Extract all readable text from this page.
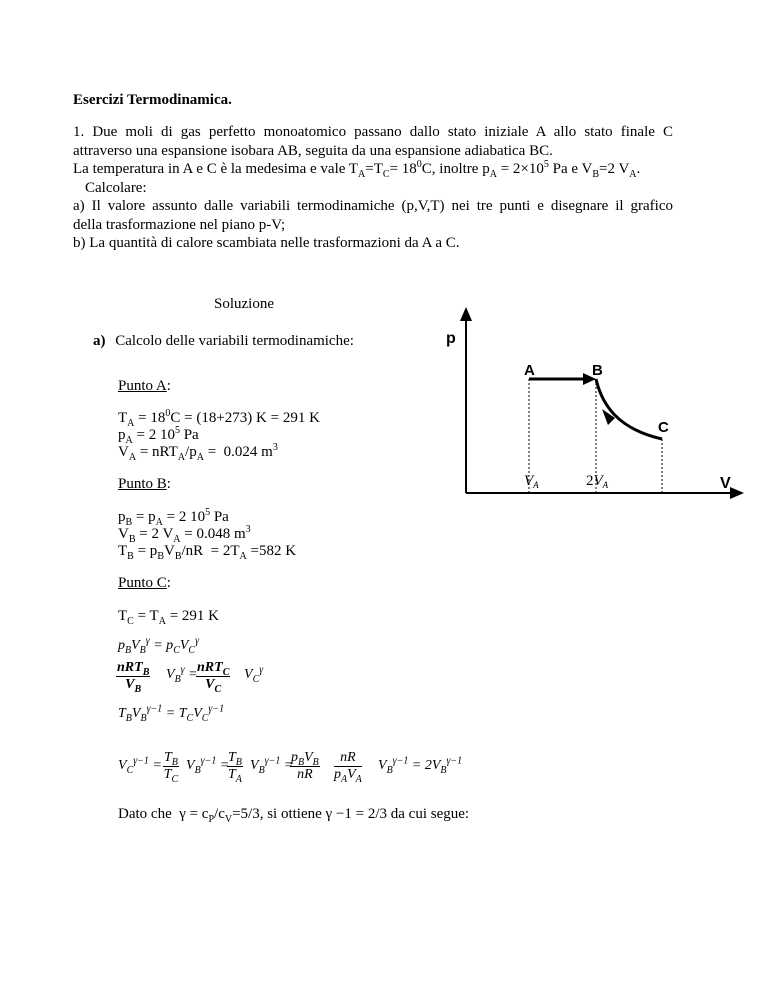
Esercizi Termodinamica.
1. Due moli di gas perfetto monoatomico passano dallo stato iniziale A allo stato finale C
attraverso una espansione isobara AB, seguita da una espansione adiabatica BC.
La temperatura in A e C è la medesima e vale $T_A=T_C= 18^0C$, inoltre $p_A = 2\times 10^5$ Pa e $V_B=2$ $V_A$.
Calcolare:
a) Il valore assunto dalle variabili termodinamiche (p,V,T) nei tre punti e disegnare il grafico
della trasformazione nel piano p-V;
b) La quantità di calore scambiata nelle trasformazioni da A a C.
Soluzione
a) Calcolo delle variabili termodinamiche:
Punto A:
$T_A = 18^0C = (18+273) K = 291$ K
$p_A = 2$ $10^5$ Pa
$V_A = nRT_A/p_A = 0.024$ $m^3$
Punto B:
$p_B = p_A = 2$ $10^5$ Pa
$V_B = 2$ $V_A = 0.048$ $m^3$
$T_B = p_BV_B/nR = 2T_A =582$ K
Punto C:
$T_C = T_A = 291$ K
$p_BV_B^\gamma = p_CV_C^\gamma$
nRT$_B$
$V_B$
$V_B^\gamma = nRT_C$
$V_C$
$V_C^\gamma$
$T_BV_B^{\gamma-1} = T_CV_C^{\gamma-1}$
$V_C^{\gamma-1} = \frac{T_B}{T_C} V_B^{\gamma-1}$ =
$\frac{T_B}{T_A} V_B^{\gamma-1}$ =
$p_BV_B$
nR
nR
$p_AV_A$
$V_B^{\gamma-1} = 2V_B^{\gamma-1}$
Dato che  $\gamma = c_P/c_V=5/3$, si ottiene γ −1 = 2/3 da cui segue:
p
A	B
C
V
$V_A$	$2V_A$
